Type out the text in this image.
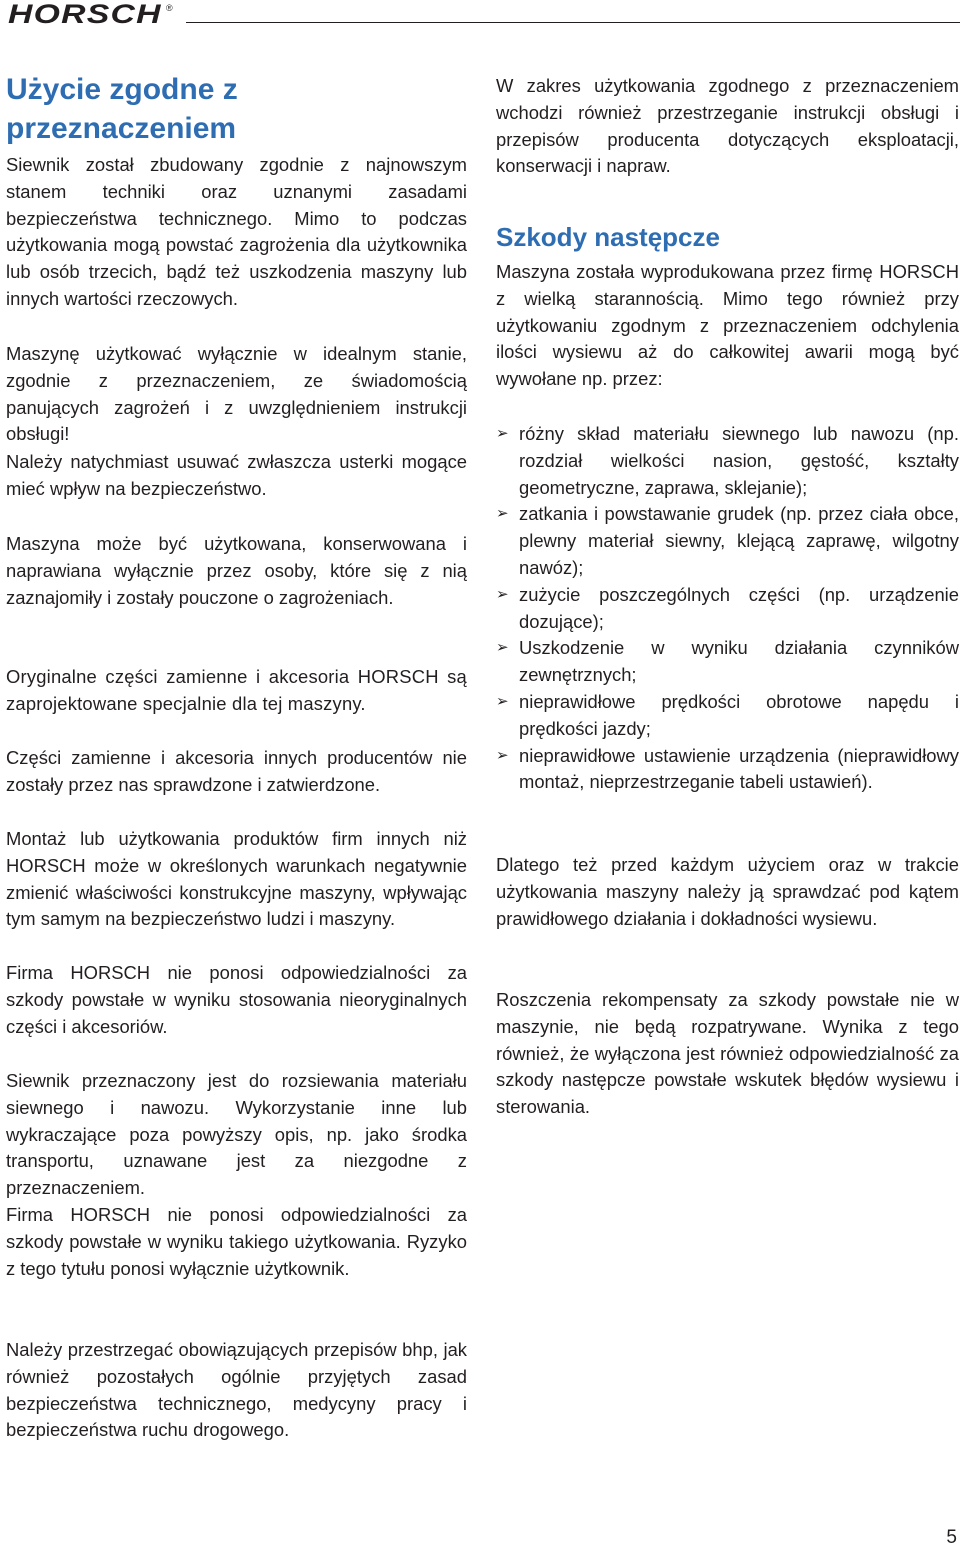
HORSCH ®
Użycie zgodne z przeznaczeniem

Siewnik został zbudowany zgodnie z najnowszym stanem techniki oraz uznanymi zasadami bezpieczeństwa technicznego. Mimo to podczas użytkowania mogą powstać zagrożenia dla użytkownika lub osób trzecich, bądź też uszkodzenia maszyny lub innych wartości rzeczowych.

Maszynę użytkować wyłącznie w idealnym stanie, zgodnie z przeznaczeniem, ze świadomością panujących zagrożeń i z uwzględnieniem instrukcji obsługi!

Należy natychmiast usuwać zwłaszcza usterki mogące mieć wpływ na bezpieczeństwo.

Maszyna może być użytkowana, konserwowana i naprawiana wyłącznie przez osoby, które się z nią zaznajomiły i zostały pouczone o zagrożeniach.

Oryginalne części zamienne i akcesoria HORSCH są zaprojektowane specjalnie dla tej maszyny.

Części zamienne i akcesoria innych producentów nie zostały przez nas sprawdzone i zatwierdzone.

Montaż lub użytkowania produktów firm innych niż HORSCH może w określonych warunkach negatywnie zmienić właściwości konstrukcyjne maszyny, wpływając tym samym na bezpieczeństwo ludzi i maszyny.

Firma HORSCH nie ponosi odpowiedzialności za szkody powstałe w wyniku stosowania nieoryginalnych części i akcesoriów.

Siewnik przeznaczony jest do rozsiewania materiału siewnego i nawozu. Wykorzystanie inne lub wykraczające poza powyższy opis, np. jako środka transportu, uznawane jest za niezgodne z przeznaczeniem.

Firma HORSCH nie ponosi odpowiedzialności za szkody powstałe w wyniku takiego użytkowania. Ryzyko z tego tytułu ponosi wyłącznie użytkownik.

Należy przestrzegać obowiązujących przepisów bhp, jak również pozostałych ogólnie przyjętych zasad bezpieczeństwa technicznego, medycyny pracy i bezpieczeństwa ruchu drogowego.

W zakres użytkowania zgodnego z przeznaczeniem wchodzi również przestrzeganie instrukcji obsługi i przepisów producenta dotyczących eksploatacji, konserwacji i napraw.

Szkody następcze

Maszyna została wyprodukowana przez firmę HORSCH z wielką starannością. Mimo tego również przy użytkowaniu zgodnym z przeznaczeniem odchylenia ilości wysiewu aż do całkowitej awarii mogą być wywołane np. przez:

➢ różny skład materiału siewnego lub nawozu (np. rozdział wielkości nasion, gęstość, kształty geometryczne, zaprawa, sklejanie);
➢ zatkania i powstawanie grudek (np. przez ciała obce, plewny materiał siewny, klejącą zaprawę, wilgotny nawóz);
➢ zużycie poszczególnych części (np. urządzenie dozujące);
➢ Uszkodzenie w wyniku działania czynników zewnętrznych;
➢ nieprawidłowe prędkości obrotowe napędu i prędkości jazdy;
➢ nieprawidłowe ustawienie urządzenia (nieprawidłowy montaż, nieprzestrzeganie tabeli ustawień).

Dlatego też przed każdym użyciem oraz w trakcie użytkowania maszyny należy ją sprawdzać pod kątem prawidłowego działania i dokładności wysiewu.

Roszczenia rekompensaty za szkody powstałe nie w maszynie, nie będą rozpatrywane. Wynika z tego również, że wyłączona jest również odpowiedzialność za szkody następcze powstałe wskutek błędów wysiewu i sterowania.

5
